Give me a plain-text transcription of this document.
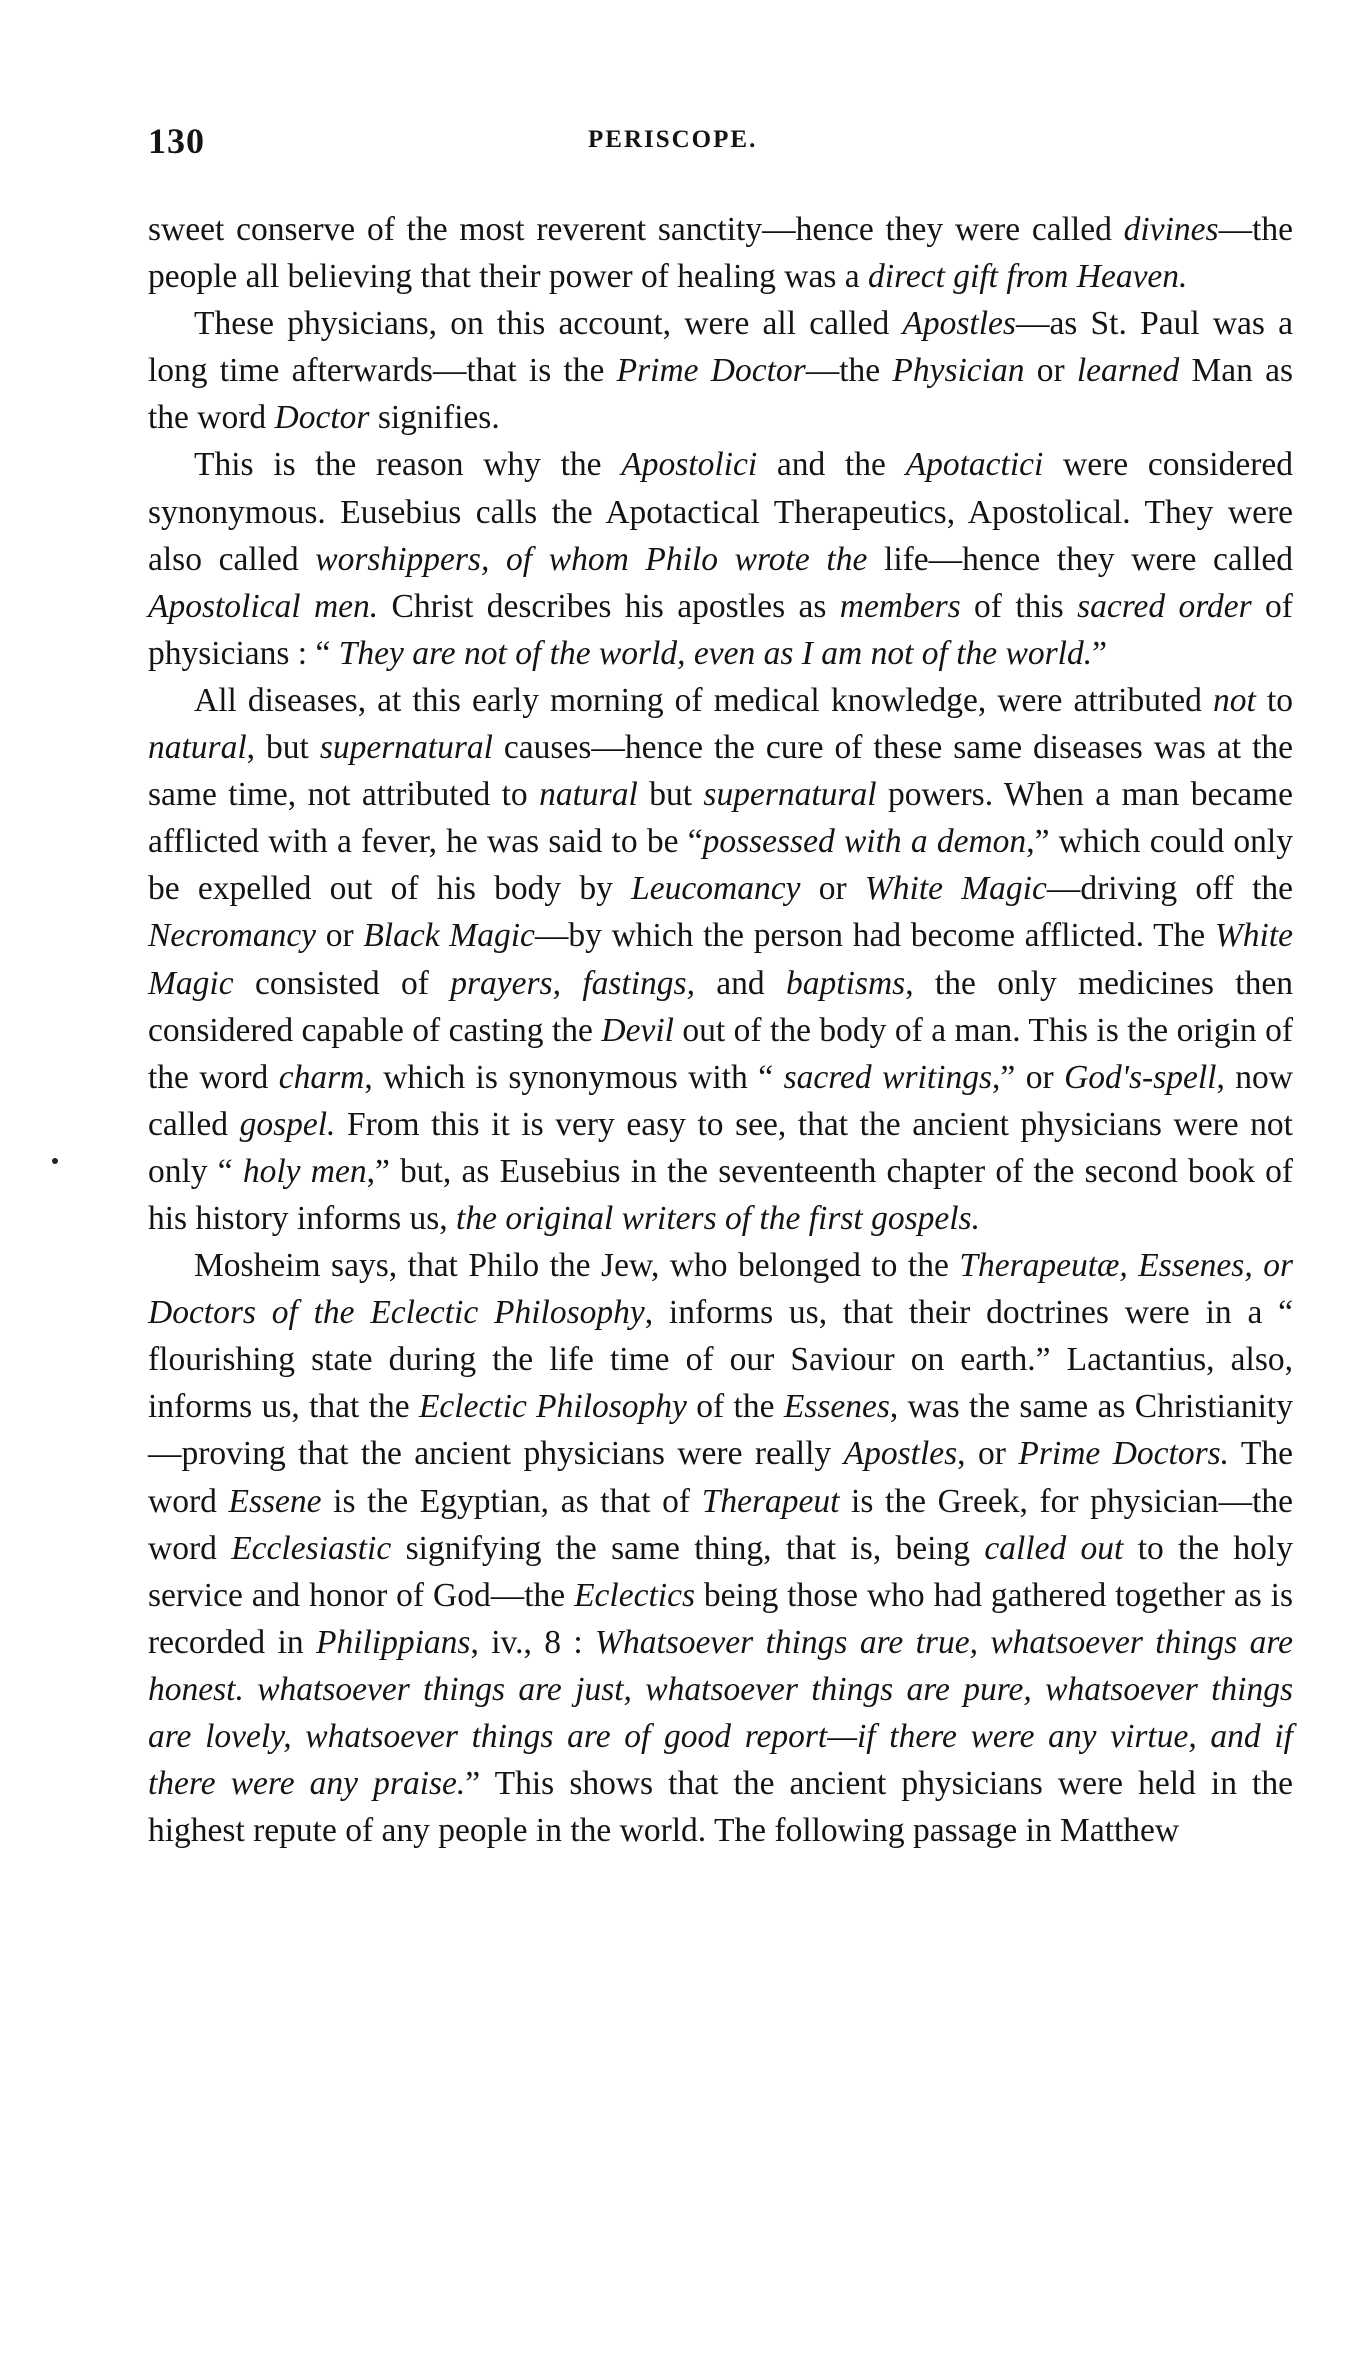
130	PERISCOPE.

sweet conserve of the most reverent sanctity—hence they were called divines—the people all believing that their power of healing was a direct gift from Heaven.

These physicians, on this account, were all called Apostles—as St. Paul was a long time afterwards—that is the Prime Doctor—the Physician or learned Man as the word Doctor signifies.

This is the reason why the Apostolici and the Apotactici were considered synonymous. Eusebius calls the Apotactical Therapeutics, Apostolical. They were also called worshippers, of whom Philo wrote the life—hence they were called Apostolical men. Christ describes his apostles as members of this sacred order of physicians : “ They are not of the world, even as I am not of the world.”

All diseases, at this early morning of medical knowledge, were attributed not to natural, but supernatural causes—hence the cure of these same diseases was at the same time, not attributed to natural but supernatural powers. When a man became afflicted with a fever, he was said to be “possessed with a demon,” which could only be expelled out of his body by Leucomancy or White Magic—driving off the Necromancy or Black Magic—by which the person had become afflicted. The White Magic consisted of prayers, fastings, and baptisms, the only medicines then considered capable of casting the Devil out of the body of a man. This is the origin of the word charm, which is synonymous with “ sacred writings,” or God's-spell, now called gospel. From this it is very easy to see, that the ancient physicians were not only “ holy men,” but, as Eusebius in the seventeenth chapter of the second book of his history informs us, the original writers of the first gospels.

Mosheim says, that Philo the Jew, who belonged to the Therapeutæ, Essenes, or Doctors of the Eclectic Philosophy, informs us, that their doctrines were in a “ flourishing state during the life time of our Saviour on earth.” Lactantius, also, informs us, that the Eclectic Philosophy of the Essenes, was the same as Christianity—proving that the ancient physicians were really Apostles, or Prime Doctors. The word Essene is the Egyptian, as that of Therapeut is the Greek, for physician—the word Ecclesiastic signifying the same thing, that is, being called out to the holy service and honor of God—the Eclectics being those who had gathered together as is recorded in Philippians, iv., 8 : Whatsoever things are true, whatsoever things are honest. whatsoever things are just, whatsoever things are pure, whatsoever things are lovely, whatsoever things are of good report—if there were any virtue, and if there were any praise.” This shows that the ancient physicians were held in the highest repute of any people in the world. The following passage in Matthew
